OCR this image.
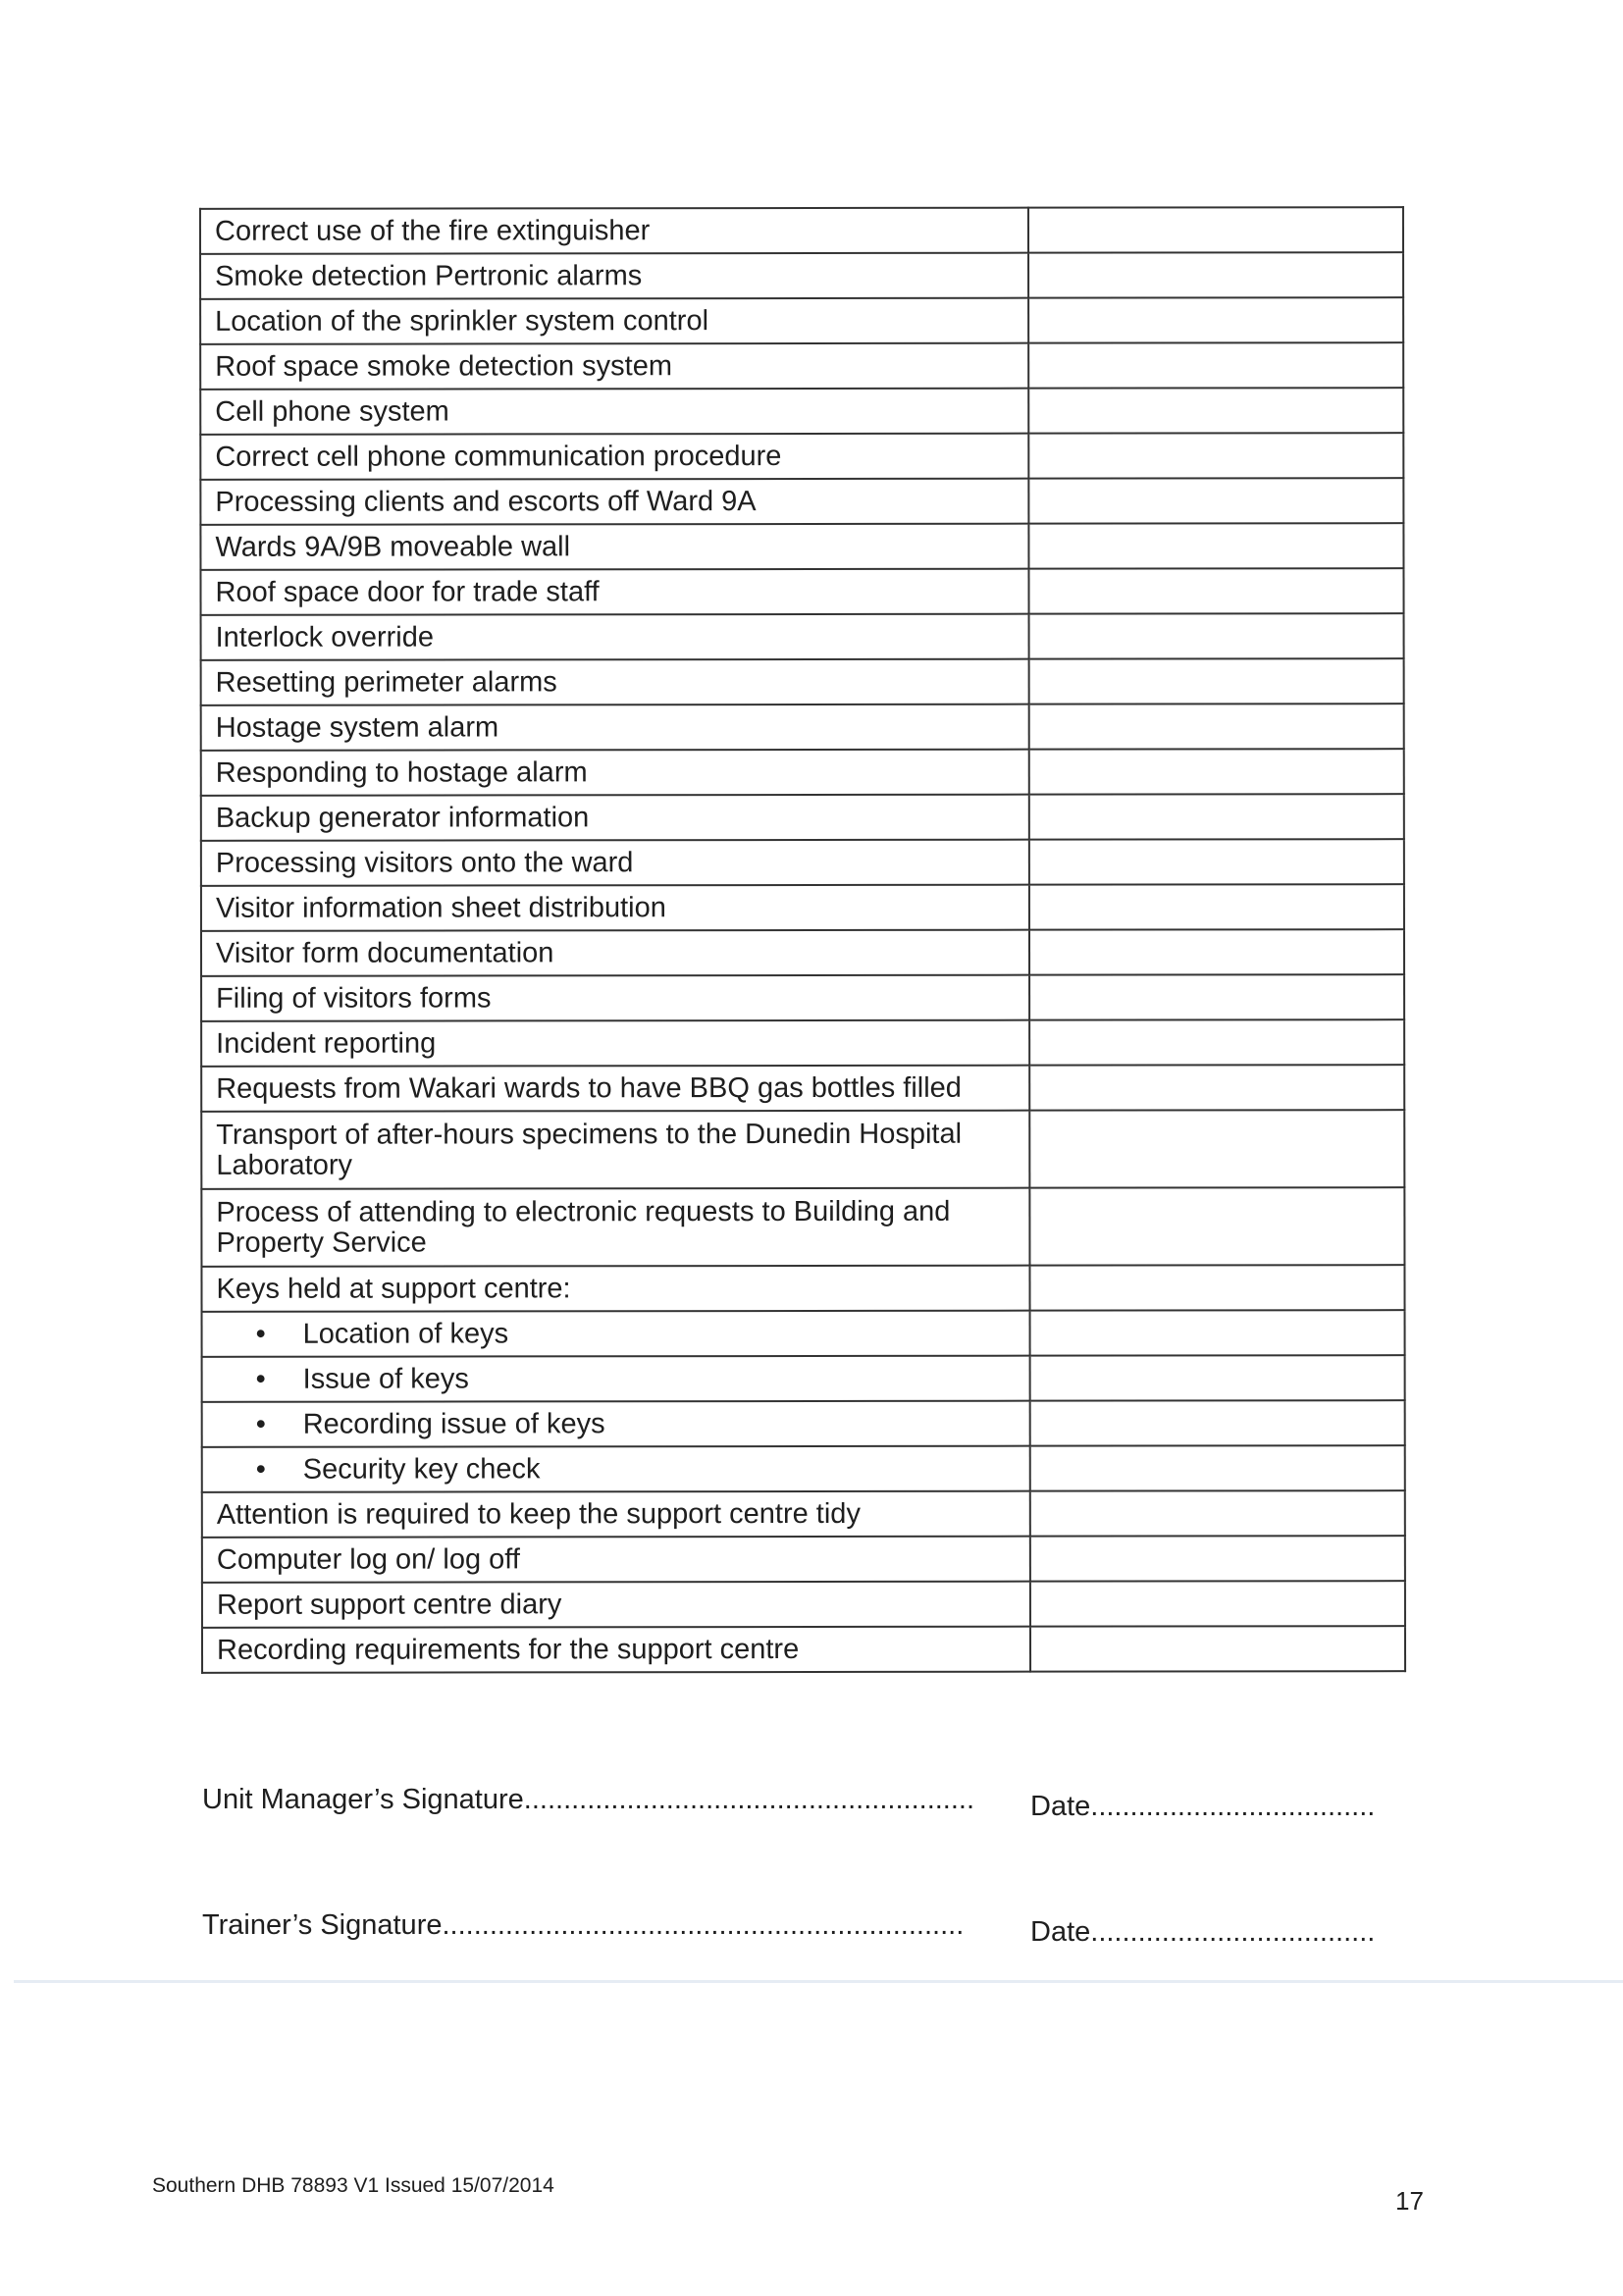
Correct use of the fire extinguisher	
Smoke detection Pertronic alarms	
Location of the sprinkler system control	
Roof space smoke detection system	
Cell phone system	
Correct cell phone communication procedure	
Processing clients and escorts off Ward 9A	
Wards 9A/9B moveable wall	
Roof space door for trade staff	
Interlock override	
Resetting perimeter alarms	
Hostage system alarm	
Responding to hostage alarm	
Backup generator information	
Processing visitors onto the ward	
Visitor information sheet distribution	
Visitor form documentation	
Filing of visitors forms	
Incident reporting	
Requests from Wakari wards to have BBQ gas bottles filled	
Transport of after-hours specimens to the Dunedin Hospital Laboratory	
Process of attending to electronic requests to Building and Property Service	
Keys held at support centre:	
• Location of keys	
• Issue of keys	
• Recording issue of keys	
• Security key check	
Attention is required to keep the support centre tidy	
Computer log on/ log off	
Report support centre diary	
Recording requirements for the support centre	
Unit Manager’s Signature......................................................... Date....................................
Trainer’s Signature.................................................................. Date....................................
Southern DHB 78893 V1 Issued 15/07/2014
17
